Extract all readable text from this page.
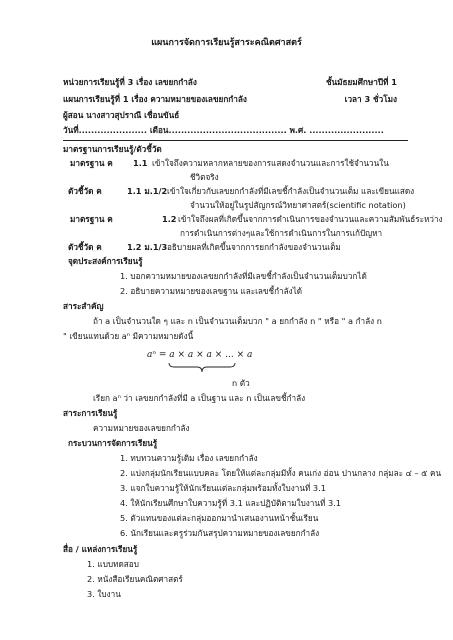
แผนการจัดการเรียนรู้สาระคณิตศาสตร์
หน่วยการเรียนรู้ที่ 3 เรื่อง เลขยกกำลัง	ชั้นมัธยมศึกษาปีที่ 1
แผนการเรียนรู้ที่ 1 เรื่อง ความหมายของเลขยกกำลัง	เวลา 3 ชั่วโมง
ผู้สอน นางสาวสุปราณี เชื่อนขันธ์
วันที่...................... เดือน...................................... พ.ศ. ........................
มาตรฐานการเรียนรู้/ตัวชี้วัด
มาตรฐาน ค 1.1 เข้าใจถึงความหลากหลายของการแสดงจำนวนและการใช้จำนวนใน
ชีวิตจริง
ตัวชี้วัด ค	1.1 ม.1/2 เข้าใจเกี่ยวกับเลขยกกำลังที่มีเลขชี้กำลังเป็นจำนวนเต็ม และเขียนแสดง
จำนวนให้อยู่ในรูปสัญกรณ์วิทยาศาสตร์(scientific notation)
มาตรฐาน ค	1.2 เข้าใจถึงผลที่เกิดขึ้นจากการดำเนินการของจำนวนและความสัมพันธ์ระหว่าง
การดำเนินการต่างๆและใช้การดำเนินการในการแก้ปัญหา
ตัวชี้วัด ค	1.2 ม.1/3 อธิบายผลที่เกิดขึ้นจากการยกกำลังของจำนวนเต็ม
จุดประสงค์การเรียนรู้
1. บอกความหมายของเลขยกกำลังที่มีเลขชี้กำลังเป็นจำนวนเต็มบวกได้
2. อธิบายความหมายของเลขฐาน และเลขชี้กำลังได้
สาระสำคัญ
ถ้า a เป็นจำนวนใด ๆ และ n เป็นจำนวนเต็มบวก " a ยกกำลัง n " หรือ " a กำลัง n
" เขียนแทนด้วย aⁿ มีความหมายดังนี้
aⁿ = a × a × a × ... × a
n ตัว
เรียก aⁿ ว่า เลขยกกำลังที่มี a เป็นฐาน และ n เป็นเลขชี้กำลัง
สาระการเรียนรู้
ความหมายของเลขยกกำลัง
กระบวนการจัดการเรียนรู้
1. ทบทวนความรู้เดิม เรื่อง เลขยกกำลัง
2. แบ่งกลุ่มนักเรียนแบบคละ โดยให้แต่ละกลุ่มมีทั้ง คนเก่ง อ่อน ปานกลาง กลุ่มละ ๔ – ๕ คน
3. แจกใบความรู้ให้นักเรียนแต่ละกลุ่มพร้อมทั้งใบงานที่ 3.1
4. ให้นักเรียนศึกษาใบความรู้ที่ 3.1 และปฏิบัติตามใบงานที่ 3.1
5. ตัวแทนของแต่ละกลุ่มออกมานำเสนองานหน้าชั้นเรียน
6. นักเรียนและครูร่วมกันสรุปความหมายของเลขยกกำลัง
สื่อ / แหล่งการเรียนรู้
1. แบบทดสอบ
2. หนังสือเรียนคณิตศาสตร์
3. ใบงาน
